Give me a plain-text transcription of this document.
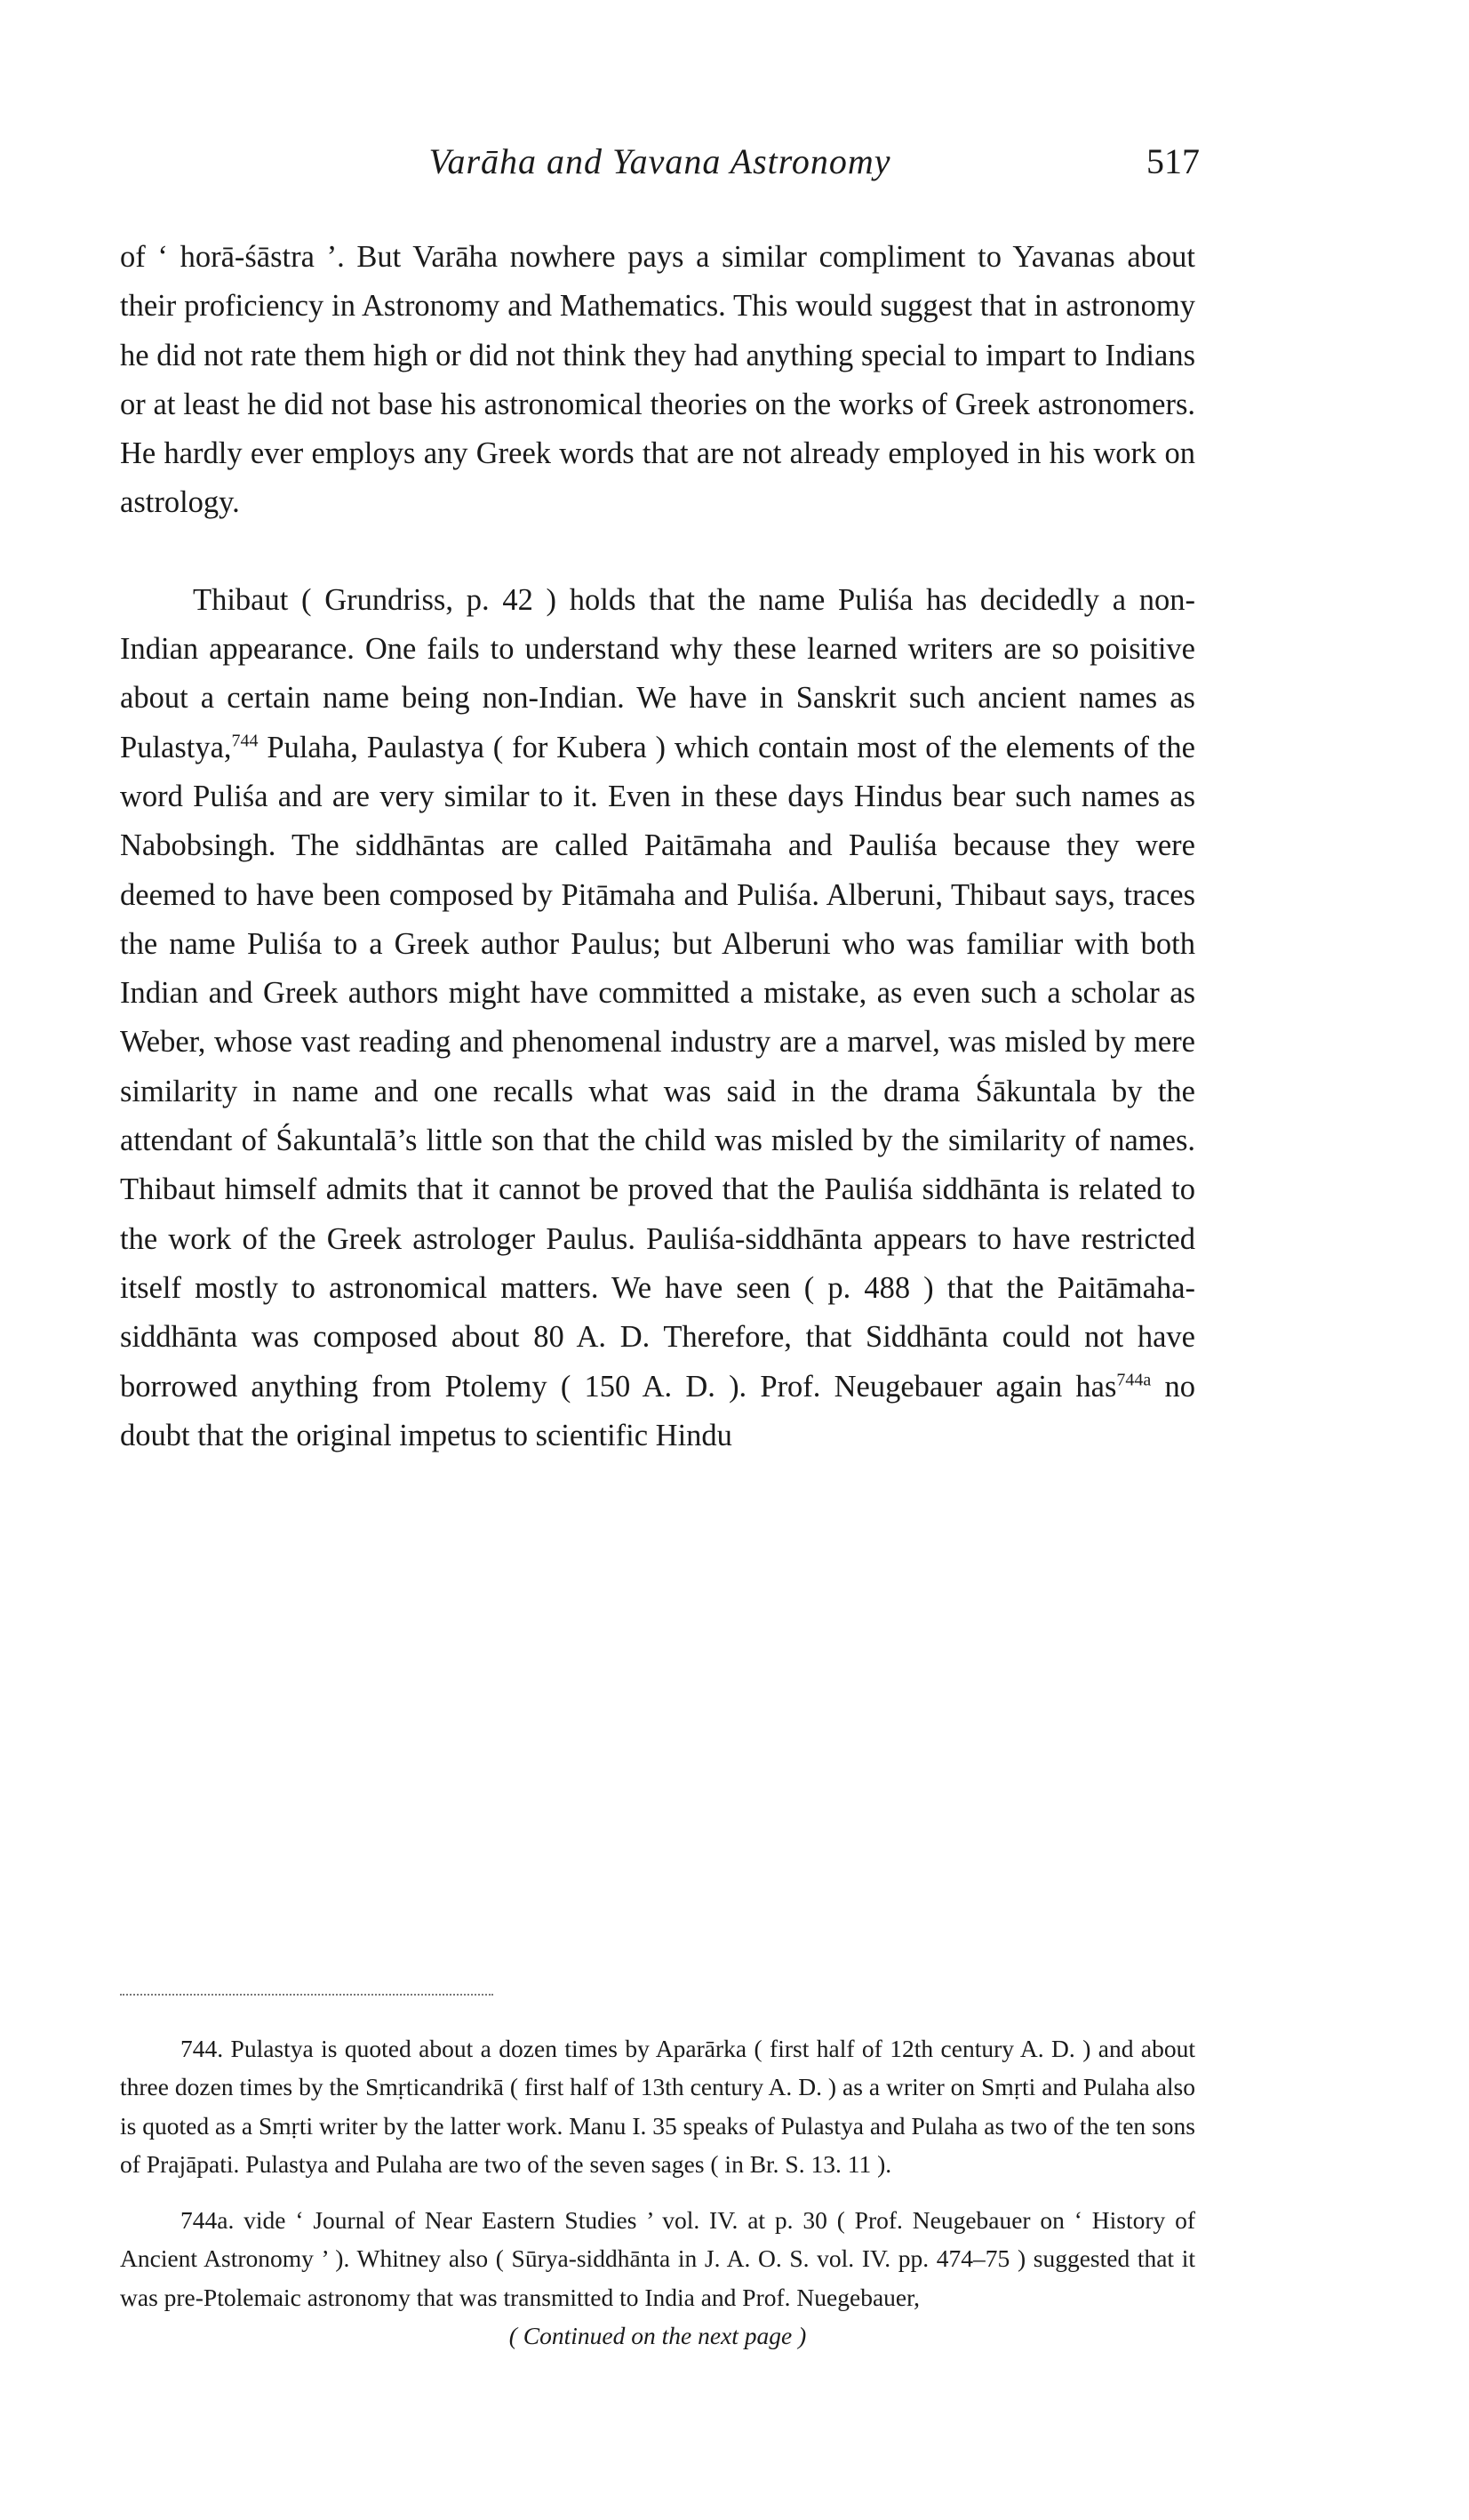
Varāha and Yavana Astronomy	517

of ‘ horā-śāstra ’. But Varāha nowhere pays a similar compliment to Yavanas about their proficiency in Astronomy and Mathematics. This would suggest that in astronomy he did not rate them high or did not think they had anything special to impart to Indians or at least he did not base his astronomical theories on the works of Greek astronomers. He hardly ever employs any Greek words that are not already employed in his work on astrology.

Thibaut ( Grundriss, p. 42 ) holds that the name Puliśa has decidedly a non-Indian appearance. One fails to understand why these learned writers are so poisitive about a certain name being non-Indian. We have in Sanskrit such ancient names as Pulastya,$^{744}$ Pulaha, Paulastya ( for Kubera ) which contain most of the elements of the word Puliśa and are very similar to it. Even in these days Hindus bear such names as Nabobsingh. The siddhāntas are called Paitāmaha and Pauliśa because they were deemed to have been composed by Pitāmaha and Puliśa. Alberuni, Thibaut says, traces the name Puliśa to a Greek author Paulus; but Alberuni who was familiar with both Indian and Greek authors might have committed a mistake, as even such a scholar as Weber, whose vast reading and phenomenal industry are a marvel, was misled by mere similarity in name and one recalls what was said in the drama Śākuntala by the attendant of Śakuntalā’s little son that the child was misled by the similarity of names. Thibaut himself admits that it cannot be proved that the Pauliśa siddhānta is related to the work of the Greek astrologer Paulus. Pauliśa-siddhānta appears to have restricted itself mostly to astronomical matters. We have seen ( p. 488 ) that the Paitāmaha-siddhānta was composed about 80 A. D. Therefore, that Siddhānta could not have borrowed anything from Ptolemy ( 150 A. D. ). Prof. Neugebauer again has$^{744a}$ no doubt that the original impetus to scientific Hindu

744. Pulastya is quoted about a dozen times by Aparārka ( first half of 12th century A. D. ) and about three dozen times by the Smṛticandrikā ( first half of 13th century A. D. ) as a writer on Smṛti and Pulaha also is quoted as a Smṛti writer by the latter work. Manu I. 35 speaks of Pulastya and Pulaha as two of the ten sons of Prajāpati. Pulastya and Pulaha are two of the seven sages ( in Br. S. 13. 11 ).

744a. vide ‘ Journal of Near Eastern Studies ’ vol. IV. at p. 30 ( Prof. Neugebauer on ‘ History of Ancient Astronomy ’ ). Whitney also ( Sūrya-siddhānta in J. A. O. S. vol. IV. pp. 474–75 ) suggested that it was pre-Ptolemaic astronomy that was transmitted to India and Prof. Nuegebauer,

( Continued on the next page )
